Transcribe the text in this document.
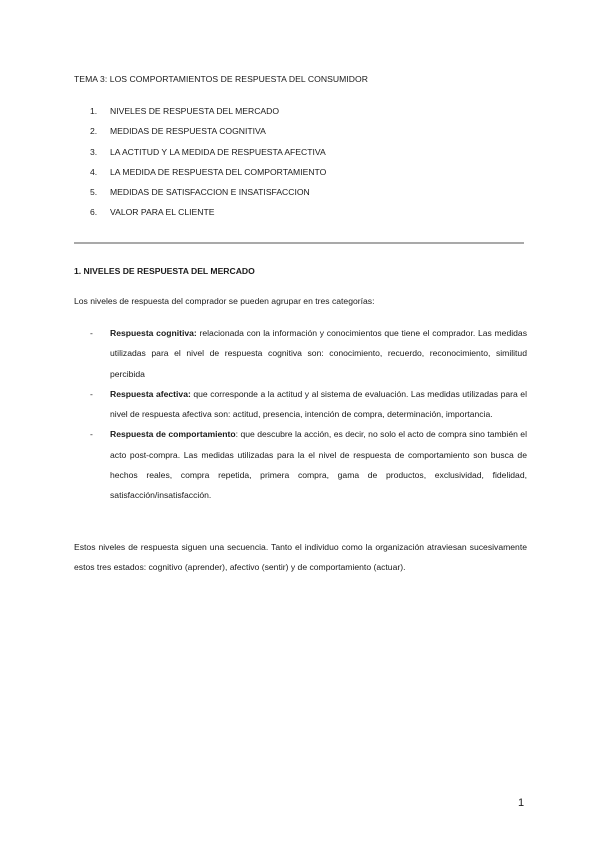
TEMA 3: LOS COMPORTAMIENTOS DE RESPUESTA DEL CONSUMIDOR
1.	NIVELES DE RESPUESTA DEL MERCADO
2.	MEDIDAS DE RESPUESTA COGNITIVA
3.	LA ACTITUD Y LA MEDIDA DE RESPUESTA AFECTIVA
4.	LA MEDIDA DE RESPUESTA DEL COMPORTAMIENTO
5.	MEDIDAS DE SATISFACCION E INSATISFACCION
6.	VALOR PARA EL CLIENTE
1. NIVELES DE RESPUESTA DEL MERCADO
Los niveles de respuesta del comprador se pueden agrupar en tres categorías:
- Respuesta cognitiva: relacionada con la información y conocimientos que tiene el comprador. Las medidas utilizadas para el nivel de respuesta cognitiva son: conocimiento, recuerdo, reconocimiento, similitud percibida
- Respuesta afectiva: que corresponde a la actitud y al sistema de evaluación. Las medidas utilizadas para el nivel de respuesta afectiva son: actitud, presencia, intención de compra, determinación, importancia.
- Respuesta de comportamiento: que descubre la acción, es decir, no solo el acto de compra sino también el acto post-compra. Las medidas utilizadas para la el nivel de respuesta de comportamiento son busca de hechos reales, compra repetida, primera compra, gama de productos, exclusividad, fidelidad, satisfacción/insatisfacción.

Estos niveles de respuesta siguen una secuencia. Tanto el individuo como la organización atraviesan sucesivamente estos tres estados: cognitivo (aprender), afectivo (sentir) y de comportamiento (actuar).

1
